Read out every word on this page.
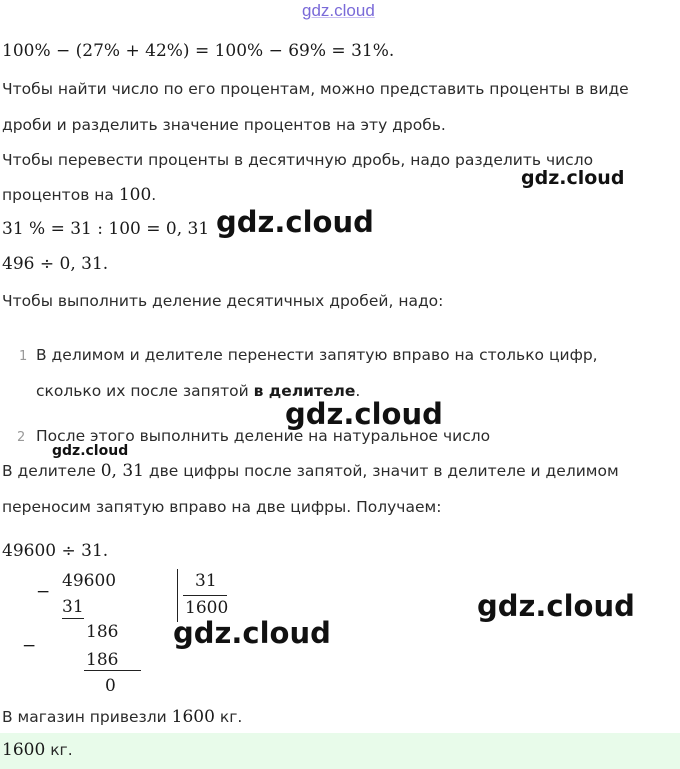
gdz.cloud
100% − (27% + 42%) = 100% − 69% = 31%.
Чтобы найти число по его процентам, можно представить проценты в виде
дроби и разделить значение процентов на эту дробь.
Чтобы перевести проценты в десятичную дробь, надо разделить число
процентов на 100.
gdz.cloud
31 % = 31 : 100 = 0, 31 gdz.cloud
496 ÷ 0, 31.
Чтобы выполнить деление десятичных дробей, надо:
1 В делимом и делителе перенести запятую вправо на столько цифр,
сколько их после запятой в делителе.
gdz.cloud
2 После этого выполнить деление на натуральное число
gdz.cloud
В делителе 0, 31 две цифры после запятой, значит в делителе и делимом
переносим запятую вправо на две цифры. Получаем:
49600 ÷ 31.
−
49600
31
31
1600
−
186
186
0
gdz.cloud
gdz.cloud
В магазин привезли 1600 кг.
1600 кг.
